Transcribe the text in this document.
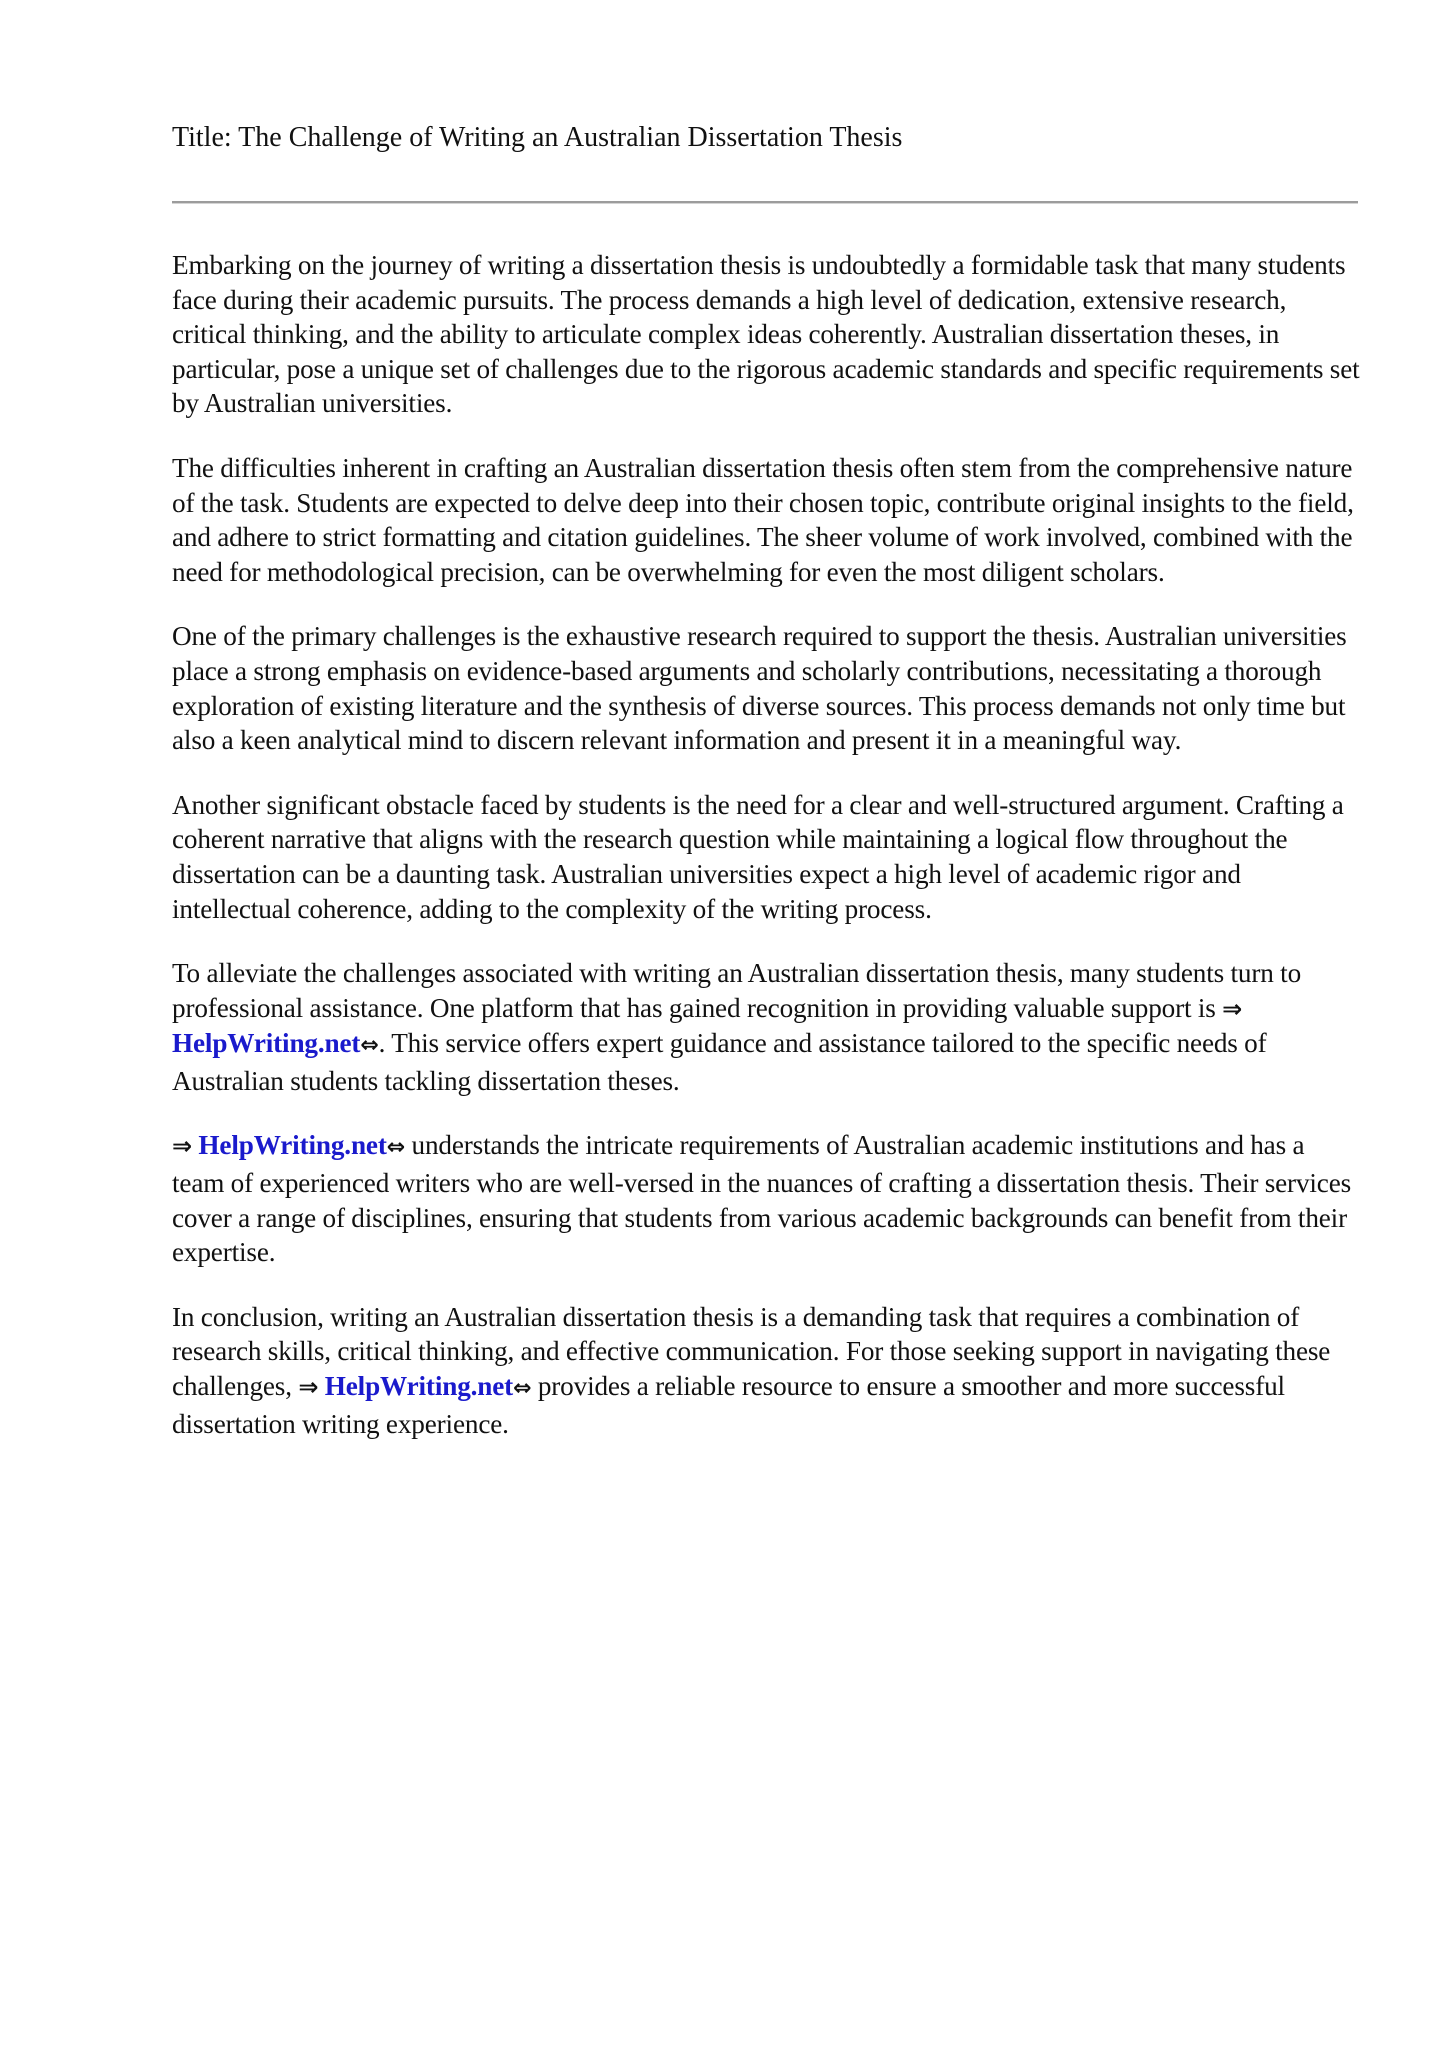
Title: The Challenge of Writing an Australian Dissertation Thesis

Embarking on the journey of writing a dissertation thesis is undoubtedly a formidable task that many students face during their academic pursuits. The process demands a high level of dedication, extensive research, critical thinking, and the ability to articulate complex ideas coherently. Australian dissertation theses, in particular, pose a unique set of challenges due to the rigorous academic standards and specific requirements set by Australian universities.

The difficulties inherent in crafting an Australian dissertation thesis often stem from the comprehensive nature of the task. Students are expected to delve deep into their chosen topic, contribute original insights to the field, and adhere to strict formatting and citation guidelines. The sheer volume of work involved, combined with the need for methodological precision, can be overwhelming for even the most diligent scholars.

One of the primary challenges is the exhaustive research required to support the thesis. Australian universities place a strong emphasis on evidence-based arguments and scholarly contributions, necessitating a thorough exploration of existing literature and the synthesis of diverse sources. This process demands not only time but also a keen analytical mind to discern relevant information and present it in a meaningful way.

Another significant obstacle faced by students is the need for a clear and well-structured argument. Crafting a coherent narrative that aligns with the research question while maintaining a logical flow throughout the dissertation can be a daunting task. Australian universities expect a high level of academic rigor and intellectual coherence, adding to the complexity of the writing process.

To alleviate the challenges associated with writing an Australian dissertation thesis, many students turn to professional assistance. One platform that has gained recognition in providing valuable support is ⇒ HelpWriting.net⇔. This service offers expert guidance and assistance tailored to the specific needs of Australian students tackling dissertation theses.

⇒ HelpWriting.net⇔ understands the intricate requirements of Australian academic institutions and has a team of experienced writers who are well-versed in the nuances of crafting a dissertation thesis. Their services cover a range of disciplines, ensuring that students from various academic backgrounds can benefit from their expertise.

In conclusion, writing an Australian dissertation thesis is a demanding task that requires a combination of research skills, critical thinking, and effective communication. For those seeking support in navigating these challenges, ⇒ HelpWriting.net⇔ provides a reliable resource to ensure a smoother and more successful dissertation writing experience.
